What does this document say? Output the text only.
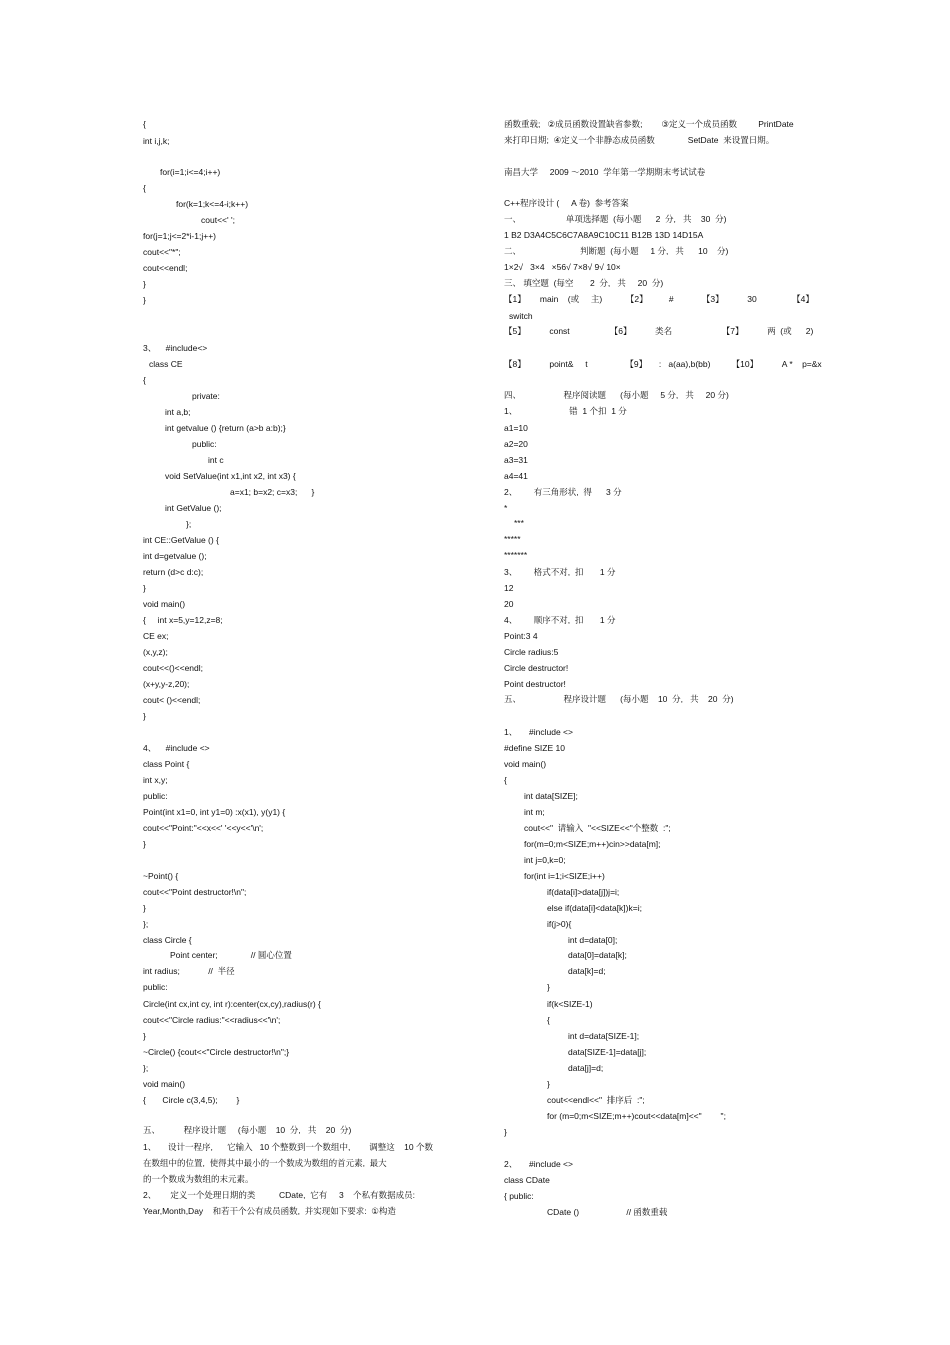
{
int i,j,k;
for(i=1;i<=4;i++)
{
for(k=1;k<=4-i;k++)
cout<<' ';
for(j=1;j<=2*i-1;j++)
cout<<"*";
cout<<endl;
}
}
3、    #include<>
class CE
{
private:
int a,b;
int getvalue () {return (a>b a:b);}
public:
int c
void SetValue(int x1,int x2, int x3) {
a=x1; b=x2; c=x3;      }
int GetValue ();
};
int CE::GetValue () {
int d=getvalue ();
return (d>c d:c);
}
void main()
{     int x=5,y=12,z=8;
CE ex;
(x,y,z);
cout<<()<<endl;
(x+y,y-z,20);
cout< ()<<endl;
}
4、    #include <>
class Point {
int x,y;
public:
Point(int x1=0, int y1=0) :x(x1), y(y1) {
cout<<"Point:"<<x<<' '<<y<<'\n';
}
~Point() {
cout<<"Point destructor!\n";
}
};
class Circle {
Point center;              // 圆心位置
int radius;            //  半径
public:
Circle(int cx,int cy, int r):center(cx,cy),radius(r) {
cout<<"Circle radius:"<<radius<<'\n';
}
~Circle() {cout<<"Circle destructor!\n";}
};
void main()
{       Circle c(3,4,5);        }
五、          程序设计题     (每小题    10  分,   共    20  分)
1、     设计一程序,      它输入   10 个整数到一个数组中,        调整这    10 个数
在数组中的位置,  使得其中最小的一个数成为数组的首元素,  最大
的一个数成为数组的末元素。
2、      定义一个处理日期的类          CDate,  它有     3    个私有数据成员:
Year,Month,Day    和若干个公有成员函数,  并实现如下要求:  ①构造
函数重载;   ②成员函数设置缺省参数;        ③定义一个成员函数         PrintDate
来打印日期;  ④定义一个非静态成员函数              SetDate  来设置日期。
南昌大学     2009 ～2010  学年第一学期期末考试试卷
C++程序设计 (     A 卷)  参考答案
一、                   单项选择题  (每小题      2  分,   共    30  分)
1 B2 D3A4C5C6C7A8A9C10C11 B12B 13D 14D15A
二、                         判断题  (每小题     1 分,   共      10    分)
1×2√   3×4   ×56√ 7×8√ 9√ 10×
三、 填空题  (每空       2  分,   共     20  分)
【1】      main    (或     主)          【2】         #            【3】          30               【4】
switch
【5】          const                 【6】          类名                     【7】          两  (或      2)
【8】          point&     t                【9】     :   a(aa),b(bb)         【10】          A *    p=&x
四、                  程序阅读题      (每小题     5 分,   共     20 分)
1、                      错  1 个扣  1 分
a1=10
a2=20
a3=31
a4=41
2、       有三角形状,  得      3 分
*
***
*****
*******
3、       格式不对,  扣       1 分
12
20
4、       顺序不对,  扣       1 分
Point:3 4
Circle radius:5
Circle destructor!
Point destructor!
五、                  程序设计题      (每小题    10  分,   共    20  分)
1、     #include <>
#define SIZE 10
void main()
{
int data[SIZE];
int m;
cout<<"  请输入  "<<SIZE<<"个整数  :";
for(m=0;m<SIZE;m++)cin>>data[m];
int j=0,k=0;
for(int i=1;i<SIZE;i++)
if(data[i]>data[j])j=i;
else if(data[i]<data[k])k=i;
if(j>0){
int d=data[0];
data[0]=data[k];
data[k]=d;
}
if(k<SIZE-1)
{
int d=data[SIZE-1];
data[SIZE-1]=data[j];
data[j]=d;
}
cout<<endl<<"  排序后  :";
for (m=0;m<SIZE;m++)cout<<data[m]<<"        ";
}
2、     #include <>
class CDate
{ public:
CDate ()                    // 函数重载
